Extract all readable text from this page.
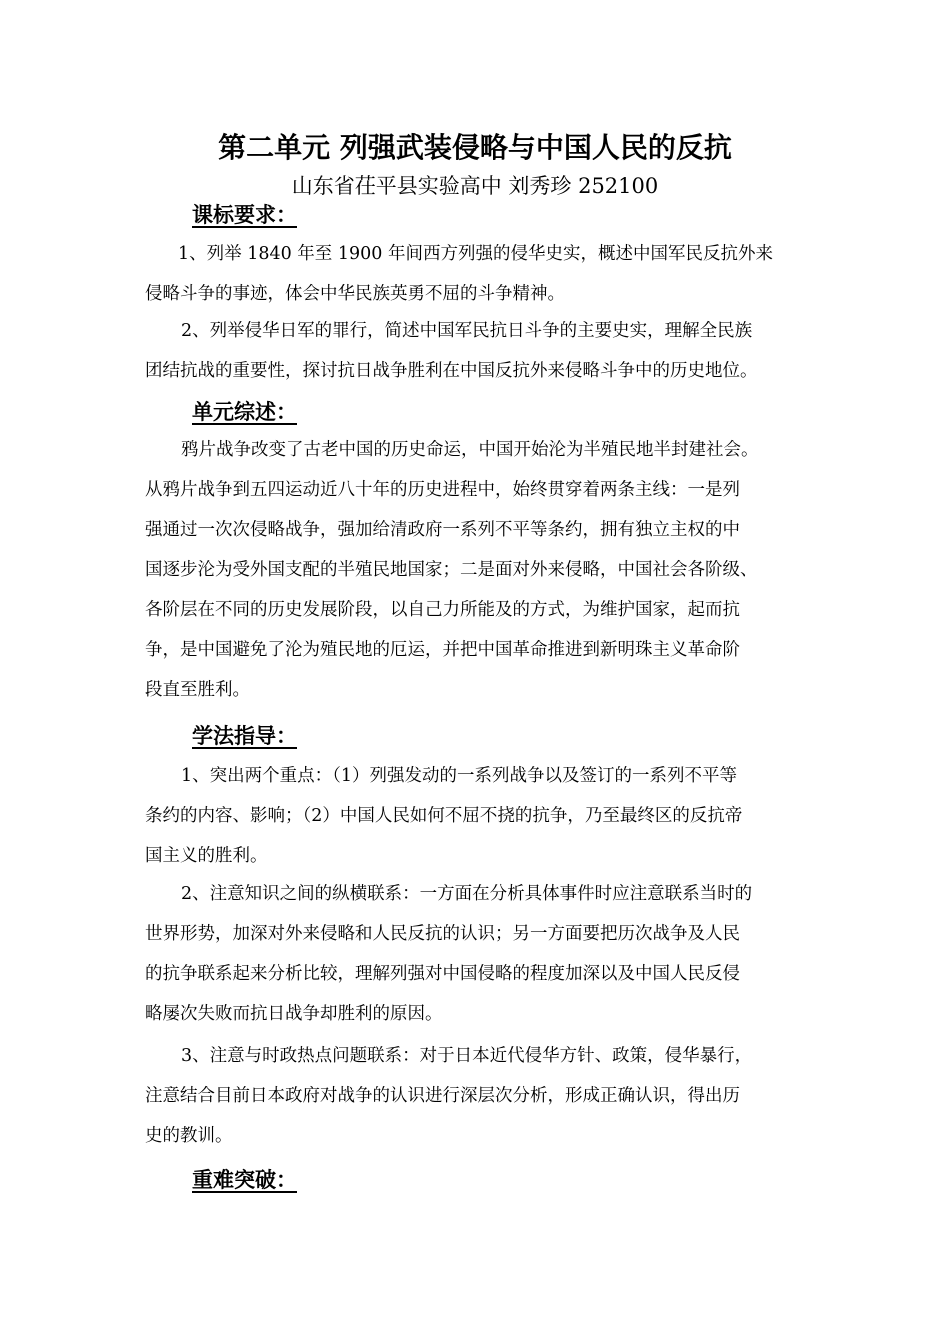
第二单元 列强武装侵略与中国人民的反抗
山东省茌平县实验高中 刘秀珍 252100
课标要求：
1、列举 1840 年至 1900 年间西方列强的侵华史实，概述中国军民反抗外来
侵略斗争的事迹，体会中华民族英勇不屈的斗争精神。
2、列举侵华日军的罪行，简述中国军民抗日斗争的主要史实，理解全民族
团结抗战的重要性，探讨抗日战争胜利在中国反抗外来侵略斗争中的历史地位。
单元综述：
鸦片战争改变了古老中国的历史命运，中国开始沦为半殖民地半封建社会。
从鸦片战争到五四运动近八十年的历史进程中，始终贯穿着两条主线：一是列
强通过一次次侵略战争，强加给清政府一系列不平等条约，拥有独立主权的中
国逐步沦为受外国支配的半殖民地国家；二是面对外来侵略，中国社会各阶级、
各阶层在不同的历史发展阶段，以自己力所能及的方式，为维护国家，起而抗
争，是中国避免了沦为殖民地的厄运，并把中国革命推进到新明珠主义革命阶
段直至胜利。
学法指导：
1、突出两个重点：（1）列强发动的一系列战争以及签订的一系列不平等
条约的内容、影响；（2）中国人民如何不屈不挠的抗争，乃至最终区的反抗帝
国主义的胜利。
2、注意知识之间的纵横联系：一方面在分析具体事件时应注意联系当时的
世界形势，加深对外来侵略和人民反抗的认识；另一方面要把历次战争及人民
的抗争联系起来分析比较，理解列强对中国侵略的程度加深以及中国人民反侵
略屡次失败而抗日战争却胜利的原因。
3、注意与时政热点问题联系：对于日本近代侵华方针、政策，侵华暴行，
注意结合目前日本政府对战争的认识进行深层次分析，形成正确认识，得出历
史的教训。
重难突破：
